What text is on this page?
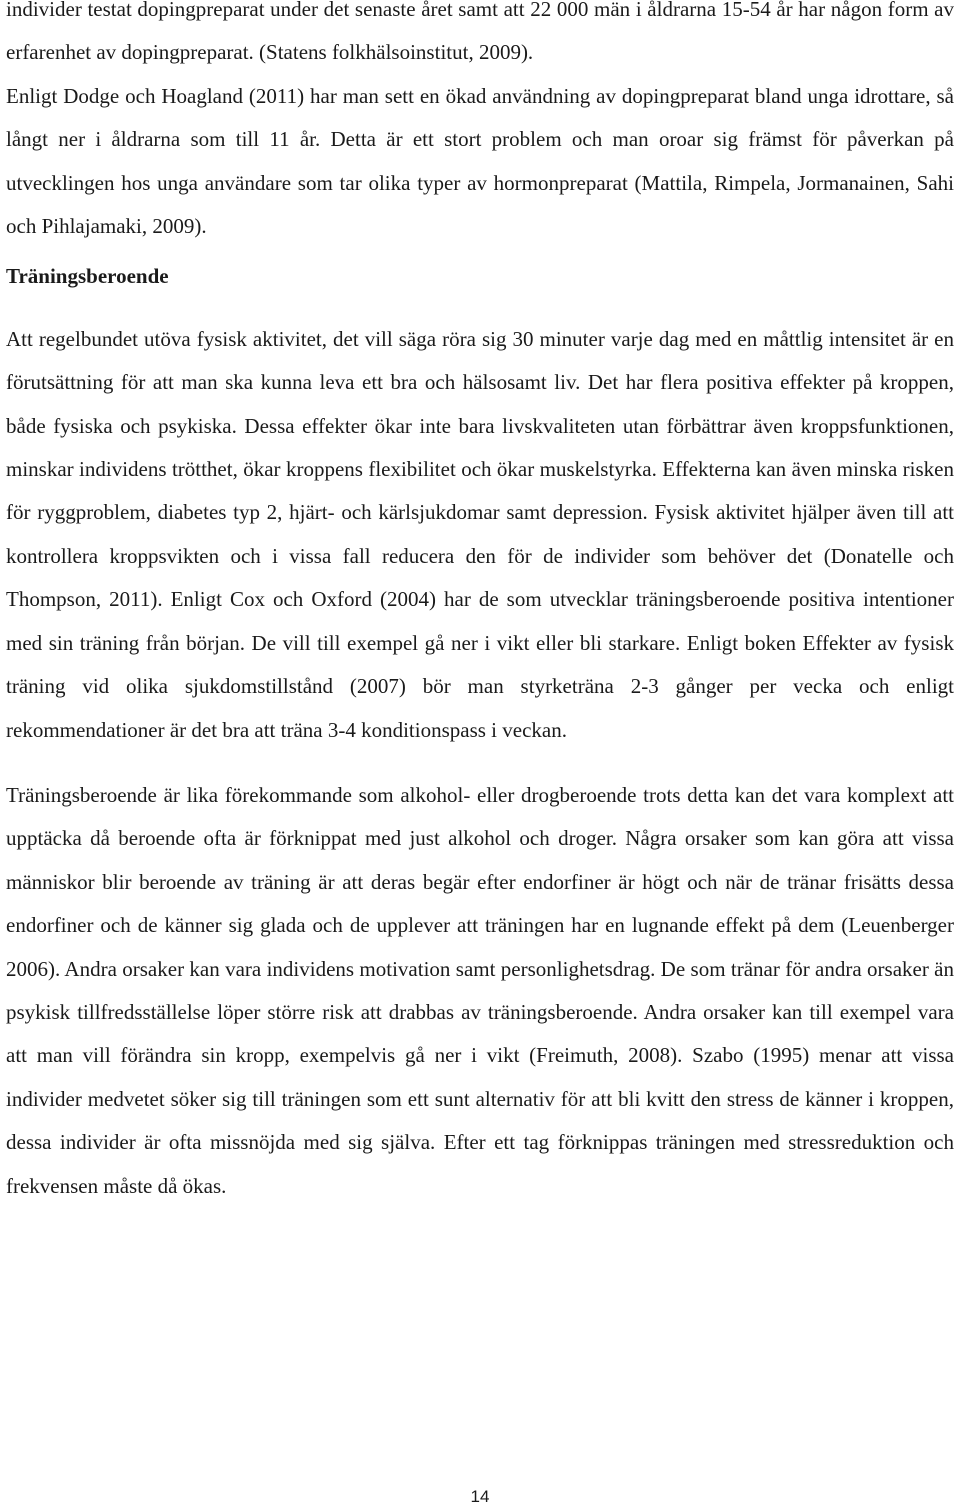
individer testat dopingpreparat under det senaste året samt att 22 000 män i åldrarna 15-54 år har någon form av erfarenhet av dopingpreparat. (Statens folkhälsoinstitut, 2009).

Enligt Dodge och Hoagland (2011) har man sett en ökad användning av dopingpreparat bland unga idrottare, så långt ner i åldrarna som till 11 år. Detta är ett stort problem och man oroar sig främst för påverkan på utvecklingen hos unga användare som tar olika typer av hormonpreparat (Mattila, Rimpela, Jormanainen, Sahi och Pihlajamaki, 2009).

Träningsberoende

Att regelbundet utöva fysisk aktivitet, det vill säga röra sig 30 minuter varje dag med en måttlig intensitet är en förutsättning för att man ska kunna leva ett bra och hälsosamt liv. Det har flera positiva effekter på kroppen, både fysiska och psykiska. Dessa effekter ökar inte bara livskvaliteten utan förbättrar även kroppsfunktionen, minskar individens trötthet, ökar kroppens flexibilitet och ökar muskelstyrka. Effekterna kan även minska risken för ryggproblem, diabetes typ 2, hjärt- och kärlsjukdomar samt depression. Fysisk aktivitet hjälper även till att kontrollera kroppsvikten och i vissa fall reducera den för de individer som behöver det (Donatelle och Thompson, 2011). Enligt Cox och Oxford (2004) har de som utvecklar träningsberoende positiva intentioner med sin träning från början. De vill till exempel gå ner i vikt eller bli starkare. Enligt boken Effekter av fysisk träning vid olika sjukdomstillstånd (2007) bör man styrketräna 2-3 gånger per vecka och enligt rekommendationer är det bra att träna 3-4 konditionspass i veckan.

Träningsberoende är lika förekommande som alkohol- eller drogberoende trots detta kan det vara komplext att upptäcka då beroende ofta är förknippat med just alkohol och droger. Några orsaker som kan göra att vissa människor blir beroende av träning är att deras begär efter endorfiner är högt och när de tränar frisätts dessa endorfiner och de känner sig glada och de upplever att träningen har en lugnande effekt på dem (Leuenberger 2006). Andra orsaker kan vara individens motivation samt personlighetsdrag. De som tränar för andra orsaker än psykisk tillfredsställelse löper större risk att drabbas av träningsberoende. Andra orsaker kan till exempel vara att man vill förändra sin kropp, exempelvis gå ner i vikt (Freimuth, 2008). Szabo (1995) menar att vissa individer medvetet söker sig till träningen som ett sunt alternativ för att bli kvitt den stress de känner i kroppen, dessa individer är ofta missnöjda med sig själva. Efter ett tag förknippas träningen med stressreduktion och frekvensen måste då ökas.

14
